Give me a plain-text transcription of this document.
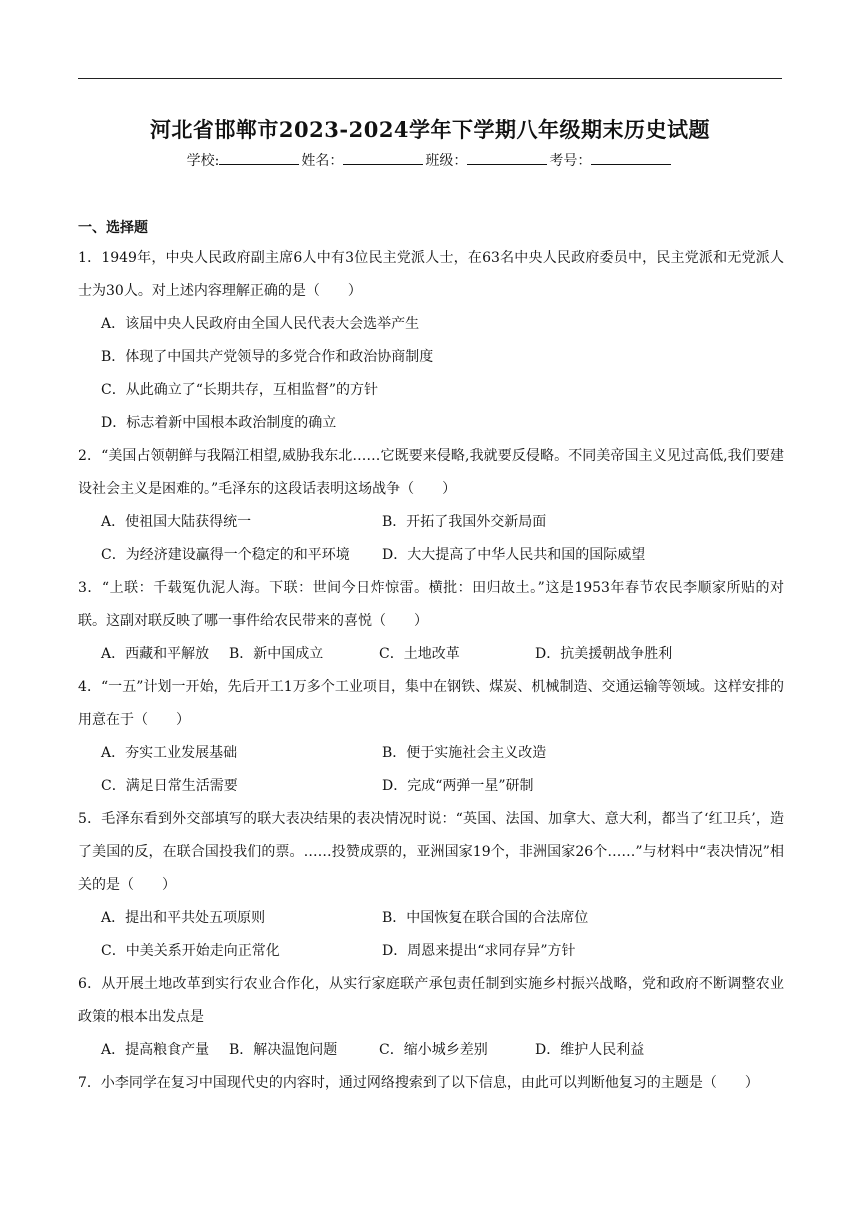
河北省邯郸市2023-2024学年下学期八年级期末历史试题
学校:	姓名：	班级：	考号：
一、选择题
1．1949年，中央人民政府副主席6人中有3位民主党派人士，在63名中央人民政府委员中，民主党派和无党派人士为30人。对上述内容理解正确的是（　　）
A．该届中央人民政府由全国人民代表大会选举产生
B．体现了中国共产党领导的多党合作和政治协商制度
C．从此确立了“长期共存，互相监督”的方针
D．标志着新中国根本政治制度的确立
2．“美国占领朝鲜与我隔江相望,威胁我东北……它既要来侵略,我就要反侵略。不同美帝国主义见过高低,我们要建设社会主义是困难的。”毛泽东的这段话表明这场战争（　　）
A．使祖国大陆获得统一	B．开拓了我国外交新局面
C．为经济建设赢得一个稳定的和平环境 D．大大提高了中华人民共和国的国际威望
3．“上联：千载冤仇泥人海。下联：世间今日炸惊雷。横批：田归故土。”这是1953年春节农民李顺家所贴的对联。这副对联反映了哪一事件给农民带来的喜悦（　　）
A．西藏和平解放 B．新中国成立	C．土地改革	D．抗美援朝战争胜利
4．“一五”计划一开始，先后开工1万多个工业项目，集中在钢铁、煤炭、机械制造、交通运输等领域。这样安排的用意在于（　　）
A．夯实工业发展基础	B．便于实施社会主义改造
C．满足日常生活需要	D．完成“两弹一星”研制
5．毛泽东看到外交部填写的联大表决结果的表决情况时说：“英国、法国、加拿大、意大利，都当了‘红卫兵’，造了美国的反，在联合国投我们的票。……投赞成票的，亚洲国家19个，非洲国家26个……”与材料中“表决情况”相关的是（　　）
A．提出和平共处五项原则	B．中国恢复在联合国的合法席位
C．中美关系开始走向正常化	D．周恩来提出“求同存异”方针
6．从开展土地改革到实行农业合作化，从实行家庭联产承包责任制到实施乡村振兴战略，党和政府不断调整农业政策的根本出发点是
A．提高粮食产量 B．解决温饱问题	C．缩小城乡差别	D．维护人民利益
7．小李同学在复习中国现代史的内容时，通过网络搜索到了以下信息，由此可以判断他复习的主题是（　　）
